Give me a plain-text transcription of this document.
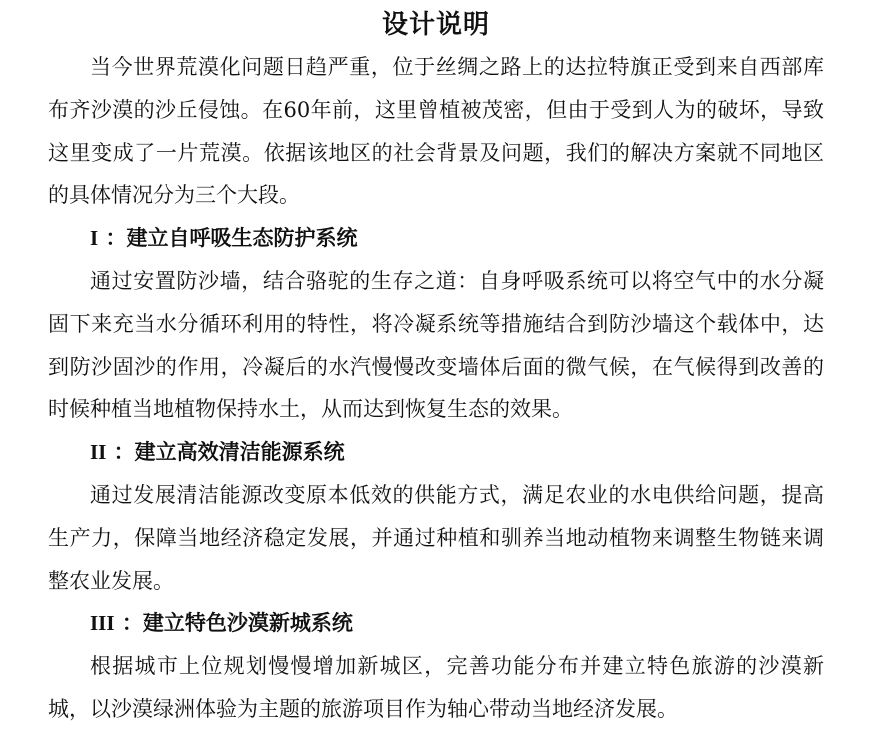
设计说明

当今世界荒漠化问题日趋严重，位于丝绸之路上的达拉特旗正受到来自西部库布齐沙漠的沙丘侵蚀。在60年前，这里曾植被茂密，但由于受到人为的破坏，导致这里变成了一片荒漠。依据该地区的社会背景及问题，我们的解决方案就不同地区的具体情况分为三个大段。

I ：建立自呼吸生态防护系统

通过安置防沙墙，结合骆驼的生存之道：自身呼吸系统可以将空气中的水分凝固下来充当水分循环利用的特性，将冷凝系统等措施结合到防沙墙这个载体中，达到防沙固沙的作用，冷凝后的水汽慢慢改变墙体后面的微气候，在气候得到改善的时候种植当地植物保持水土，从而达到恢复生态的效果。

II ：建立高效清洁能源系统

通过发展清洁能源改变原本低效的供能方式，满足农业的水电供给问题，提高生产力，保障当地经济稳定发展，并通过种植和驯养当地动植物来调整生物链来调整农业发展。

III ：建立特色沙漠新城系统

根据城市上位规划慢慢增加新城区，完善功能分布并建立特色旅游的沙漠新城，以沙漠绿洲体验为主题的旅游项目作为轴心带动当地经济发展。
